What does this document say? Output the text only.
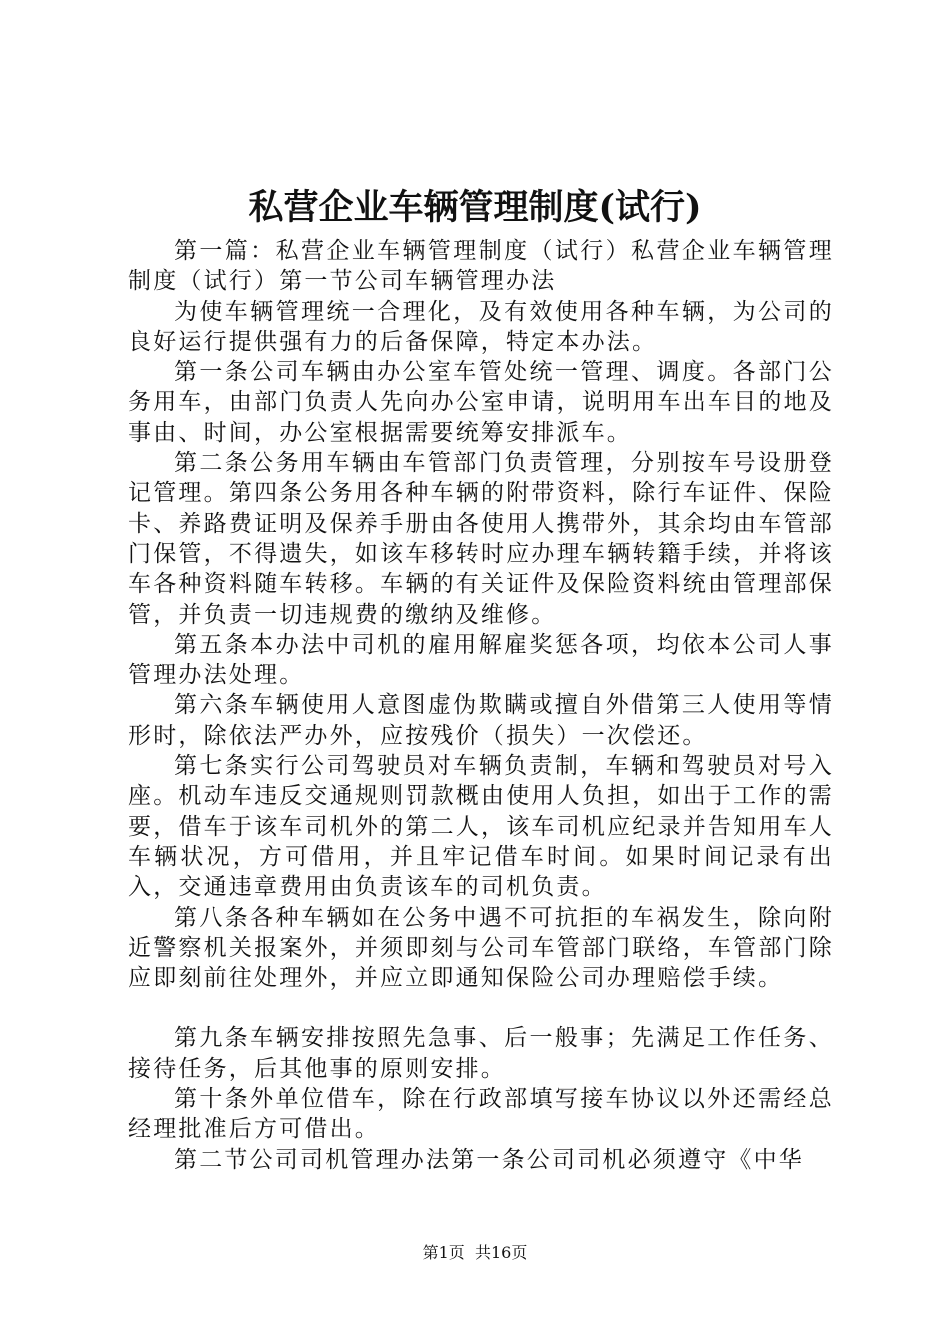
私营企业车辆管理制度(试行)

第一篇：私营企业车辆管理制度（试行）私营企业车辆管理制度（试行）第一节公司车辆管理办法

为使车辆管理统一合理化，及有效使用各种车辆，为公司的良好运行提供强有力的后备保障，特定本办法。

第一条公司车辆由办公室车管处统一管理、调度。各部门公务用车，由部门负责人先向办公室申请，说明用车出车目的地及事由、时间，办公室根据需要统筹安排派车。

第二条公务用车辆由车管部门负责管理，分别按车号设册登记管理。第四条公务用各种车辆的附带资料，除行车证件、保险卡、养路费证明及保养手册由各使用人携带外，其余均由车管部门保管，不得遗失，如该车移转时应办理车辆转籍手续，并将该车各种资料随车转移。车辆的有关证件及保险资料统由管理部保管，并负责一切违规费的缴纳及维修。

第五条本办法中司机的雇用解雇奖惩各项，均依本公司人事管理办法处理。

第六条车辆使用人意图虚伪欺瞒或擅自外借第三人使用等情形时，除依法严办外，应按残价（损失）一次偿还。

第七条实行公司驾驶员对车辆负责制，车辆和驾驶员对号入座。机动车违反交通规则罚款概由使用人负担，如出于工作的需要，借车于该车司机外的第二人，该车司机应纪录并告知用车人车辆状况，方可借用，并且牢记借车时间。如果时间记录有出入，交通违章费用由负责该车的司机负责。

第八条各种车辆如在公务中遇不可抗拒的车祸发生，除向附近警察机关报案外，并须即刻与公司车管部门联络，车管部门除应即刻前往处理外，并应立即通知保险公司办理赔偿手续。

第九条车辆安排按照先急事、后一般事；先满足工作任务、接待任务，后其他事的原则安排。

第十条外单位借车，除在行政部填写接车协议以外还需经总经理批准后方可借出。

第二节公司司机管理办法第一条公司司机必须遵守《中华

第1页 共16页
